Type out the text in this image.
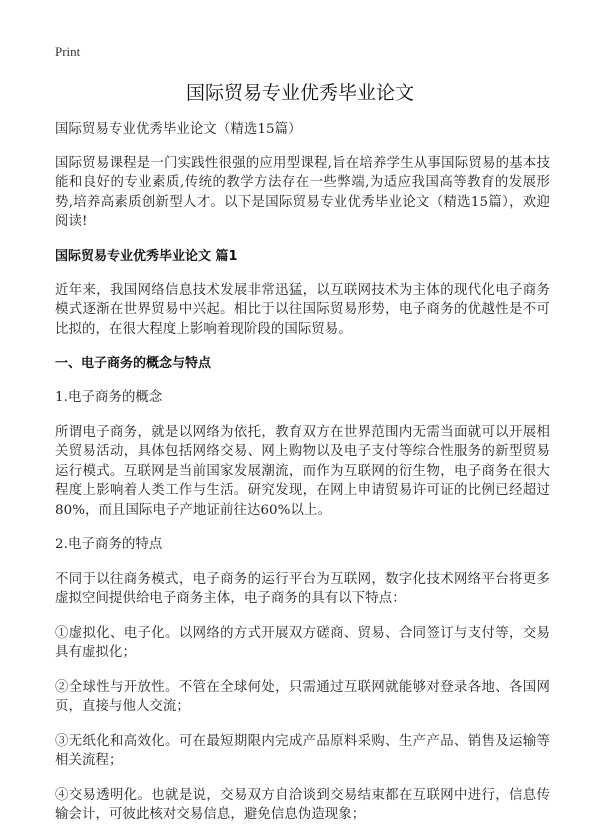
Print
国际贸易专业优秀毕业论文

国际贸易专业优秀毕业论文（精选15篇）

国际贸易课程是一门实践性很强的应用型课程,旨在培养学生从事国际贸易的基本技能和良好的专业素质,传统的教学方法存在一些弊端,为适应我国高等教育的发展形势,培养高素质创新型人才。以下是国际贸易专业优秀毕业论文（精选15篇），欢迎阅读!

国际贸易专业优秀毕业论文 篇1

近年来，我国网络信息技术发展非常迅猛，以互联网技术为主体的现代化电子商务模式逐渐在世界贸易中兴起。相比于以往国际贸易形势，电子商务的优越性是不可比拟的，在很大程度上影响着现阶段的国际贸易。

一、电子商务的概念与特点

1.电子商务的概念

所谓电子商务，就是以网络为依托，教育双方在世界范围内无需当面就可以开展相关贸易活动，具体包括网络交易、网上购物以及电子支付等综合性服务的新型贸易运行模式。互联网是当前国家发展潮流，而作为互联网的衍生物，电子商务在很大程度上影响着人类工作与生活。研究发现，在网上申请贸易许可证的比例已经超过80%，而且国际电子产地证前往达60%以上。

2.电子商务的特点

不同于以往商务模式，电子商务的运行平台为互联网，数字化技术网络平台将更多虚拟空间提供给电子商务主体，电子商务的具有以下特点：

①虚拟化、电子化。以网络的方式开展双方磋商、贸易、合同签订与支付等，交易具有虚拟化；

②全球性与开放性。不管在全球何处，只需通过互联网就能够对登录各地、各国网页，直接与他人交流；

③无纸化和高效化。可在最短期限内完成产品原料采购、生产产品、销售及运输等相关流程；

④交易透明化。也就是说，交易双方自洽谈到交易结束都在互联网中进行，信息传输会计，可彼此核对交易信息，避免信息伪造现象；
